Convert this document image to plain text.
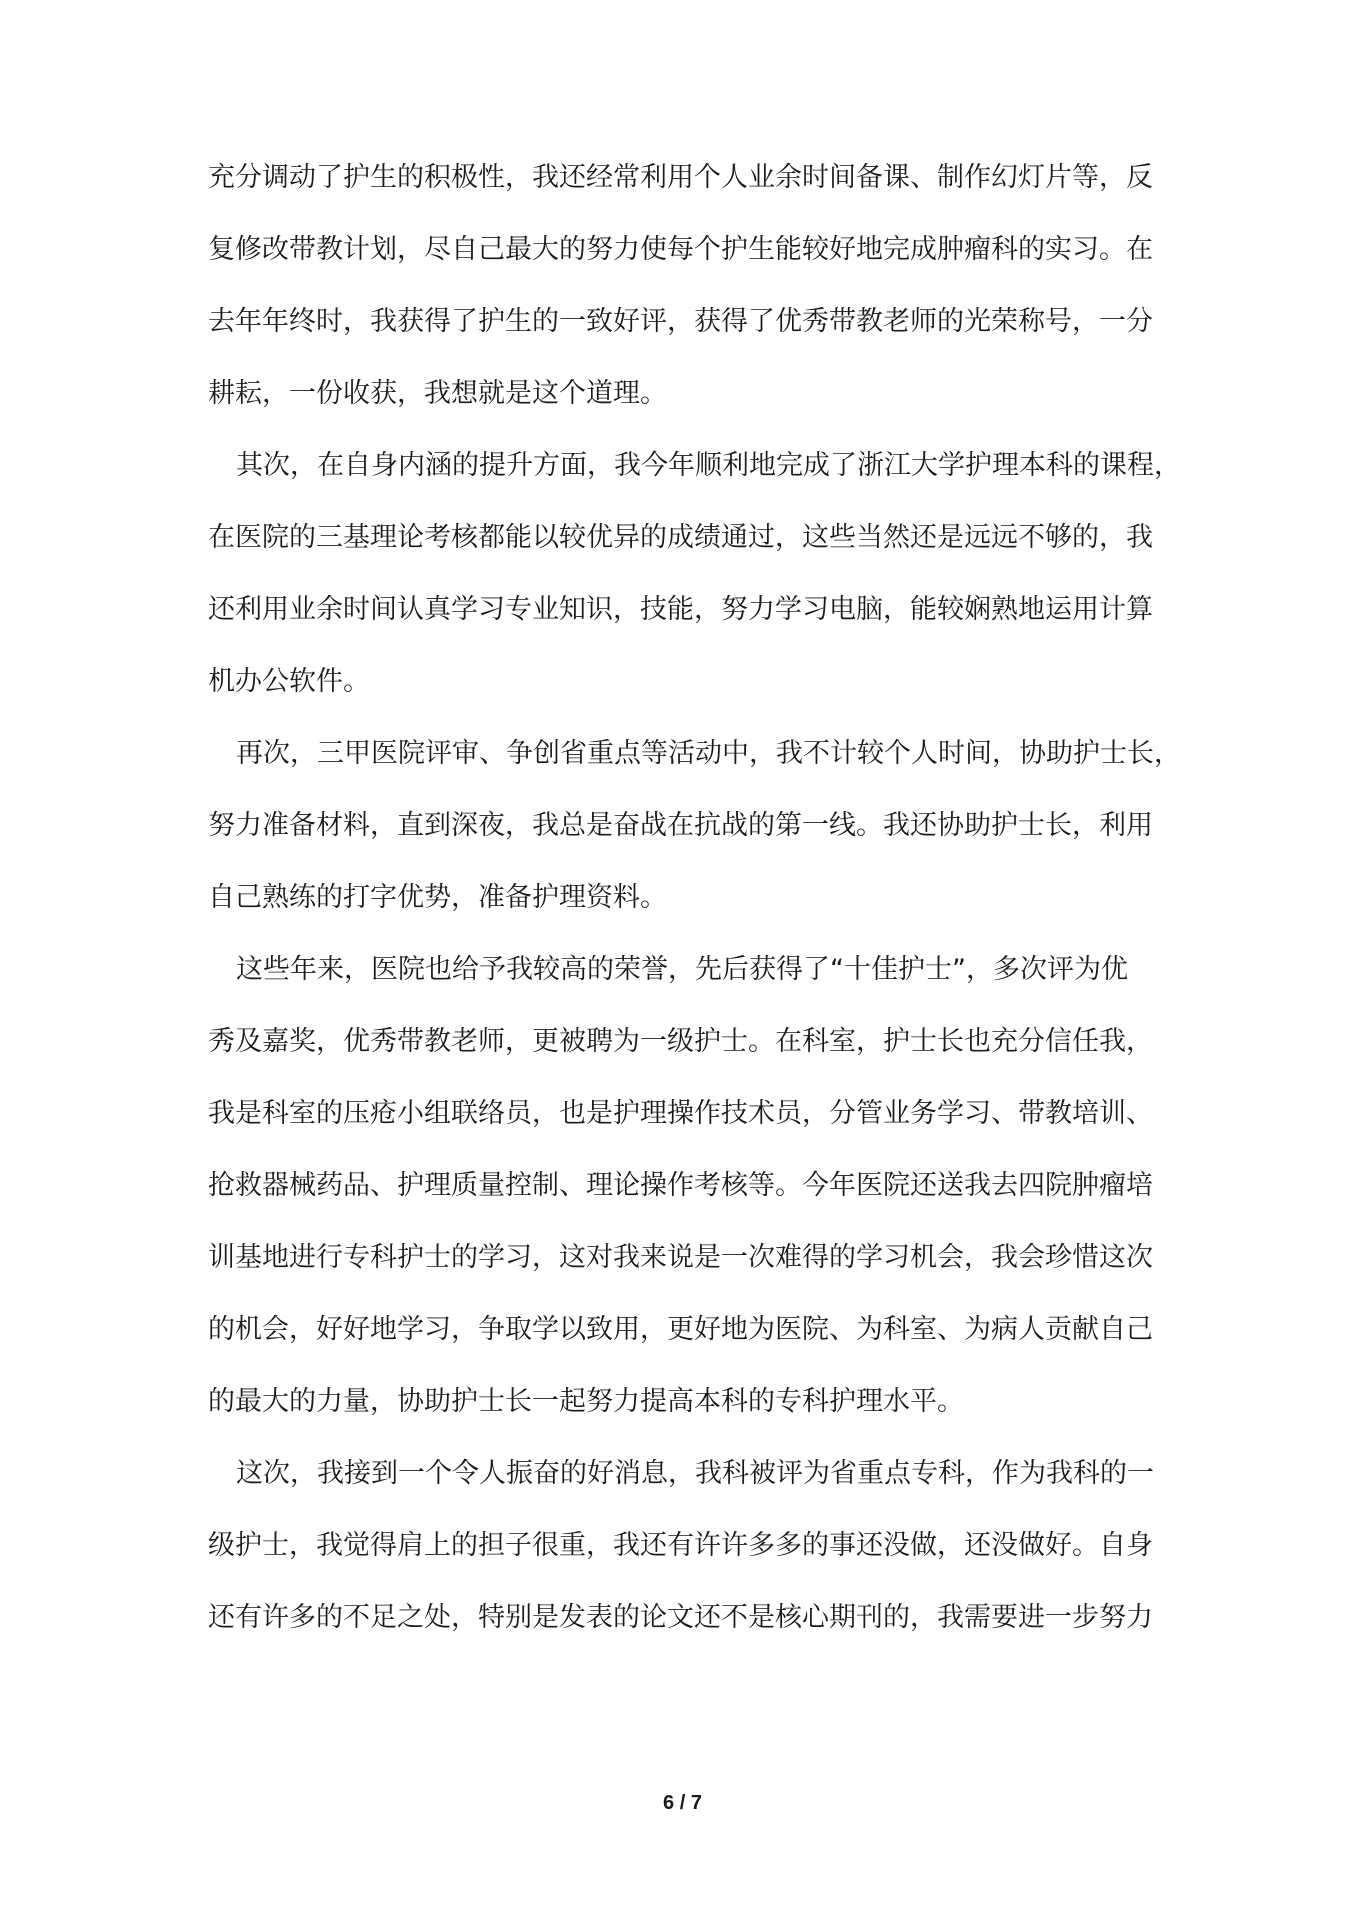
充分调动了护生的积极性，我还经常利用个人业余时间备课、制作幻灯片等，反
复修改带教计划，尽自己最大的努力使每个护生能较好地完成肿瘤科的实习。在
去年年终时，我获得了护生的一致好评，获得了优秀带教老师的光荣称号，一分
耕耘，一份收获，我想就是这个道理。
其次，在自身内涵的提升方面，我今年顺利地完成了浙江大学护理本科的课程，
在医院的三基理论考核都能以较优异的成绩通过，这些当然还是远远不够的，我
还利用业余时间认真学习专业知识，技能，努力学习电脑，能较娴熟地运用计算
机办公软件。
再次，三甲医院评审、争创省重点等活动中，我不计较个人时间，协助护士长，
努力准备材料，直到深夜，我总是奋战在抗战的第一线。我还协助护士长，利用
自己熟练的打字优势，准备护理资料。
这些年来，医院也给予我较高的荣誉，先后获得了“十佳护士”，多次评为优
秀及嘉奖，优秀带教老师，更被聘为一级护士。在科室，护士长也充分信任我，
我是科室的压疮小组联络员，也是护理操作技术员，分管业务学习、带教培训、
抢救器械药品、护理质量控制、理论操作考核等。今年医院还送我去四院肿瘤培
训基地进行专科护士的学习，这对我来说是一次难得的学习机会，我会珍惜这次
的机会，好好地学习，争取学以致用，更好地为医院、为科室、为病人贡献自己
的最大的力量，协助护士长一起努力提高本科的专科护理水平。
这次，我接到一个令人振奋的好消息，我科被评为省重点专科，作为我科的一
级护士，我觉得肩上的担子很重，我还有许许多多的事还没做，还没做好。自身
还有许多的不足之处，特别是发表的论文还不是核心期刊的，我需要进一步努力
6 / 7
